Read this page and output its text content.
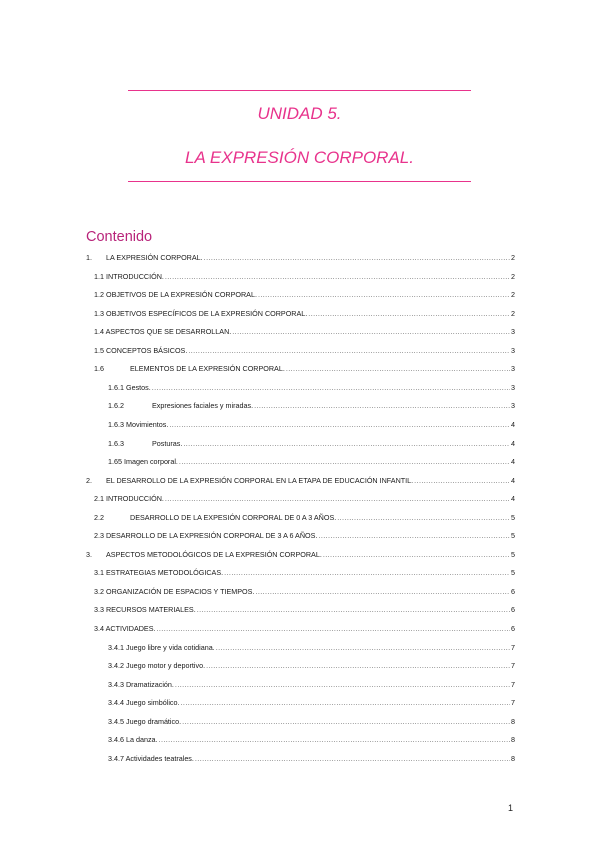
UNIDAD 5.
LA EXPRESIÓN CORPORAL.
Contenido
1.	LA EXPRESIÓN CORPORAL. .....	2
1.1 INTRODUCCIÓN. .....	2
1.2 OBJETIVOS DE LA EXPRESIÓN CORPORAL. .....	2
1.3 OBJETIVOS ESPECÍFICOS DE LA EXPRESIÓN CORPORAL. .....	2
1.4 ASPECTOS QUE SE DESARROLLAN. .....	3
1.5 CONCEPTOS BÁSICOS. .....	3
1.6	ELEMENTOS DE LA EXPRESIÓN CORPORAL. .....	3
1.6.1 Gestos. .....	3
1.6.2	Expresiones faciales y miradas. .....	3
1.6.3 Movimientos. .....	4
1.6.3	Posturas. .....	4
1.65 Imagen corporal. .....	4
2.	EL DESARROLLO DE LA EXPRESIÓN CORPORAL EN LA ETAPA DE EDUCACIÓN INFANTIL. .....	4
2.1 INTRODUCCIÓN. .....	4
2.2	DESARROLLO DE LA EXPESIÓN CORPORAL DE 0 A 3 AÑOS. .....	5
2.3 DESARROLLO DE LA EXPRESIÓN CORPORAL DE 3 A 6 AÑOS. .....	5
3.	ASPECTOS METODOLÓGICOS DE LA EXPRESIÓN CORPORAL. .....	5
3.1 ESTRATEGIAS METODOLÓGICAS. .....	5
3.2 ORGANIZACIÓN DE ESPACIOS Y TIEMPOS. .....	6
3.3 RECURSOS MATERIALES. .....	6
3.4 ACTIVIDADES. .....	6
3.4.1 Juego libre y vida cotidiana. .....	7
3.4.2 Juego motor y deportivo. .....	7
3.4.3 Dramatización. .....	7
3.4.4 Juego simbólico. .....	7
3.4.5 Juego dramático. .....	8
3.4.6 La danza. .....	8
3.4.7 Actividades teatrales. .....	8
1
